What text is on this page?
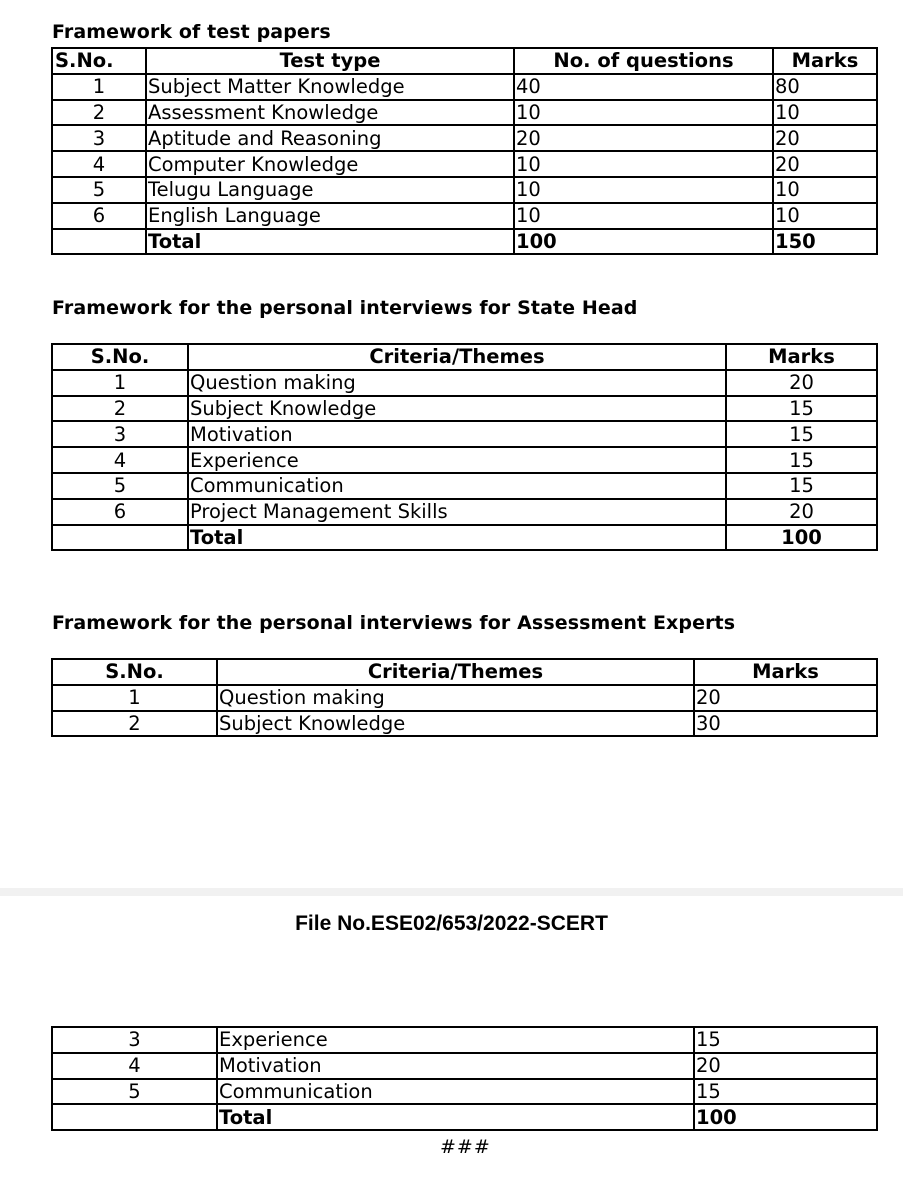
Framework of test papers
S.No.	Test type	No. of questions	Marks
1	Subject Matter Knowledge	40	80
2	Assessment Knowledge	10	10
3	Aptitude and Reasoning	20	20
4	Computer Knowledge	10	20
5	Telugu Language	10	10
6	English Language	10	10
	Total	100	150
Framework for the personal interviews for State Head
S.No.	Criteria/Themes	Marks
1	Question making	20
2	Subject Knowledge	15
3	Motivation	15
4	Experience	15
5	Communication	15
6	Project Management Skills	20
	Total	100
Framework for the personal interviews for Assessment Experts
S.No.	Criteria/Themes	Marks
1	Question making	20
2	Subject Knowledge	30
File No.ESE02/653/2022-SCERT
3	Experience	15
4	Motivation	20
5	Communication	15
	Total	100
###
